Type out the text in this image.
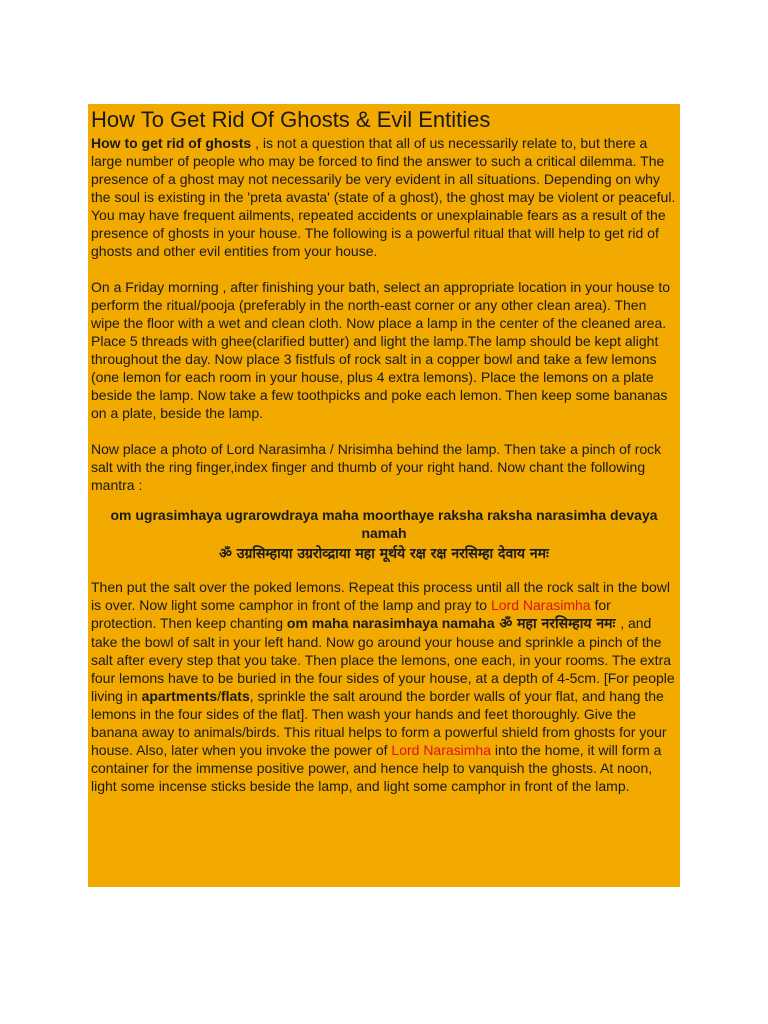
How To Get Rid Of Ghosts & Evil Entities

How to get rid of ghosts , is not a question that all of us necessarily relate to, but there a large number of people who may be forced to find the answer to such a critical dilemma. The presence of a ghost may not necessarily be very evident in all situations. Depending on why the soul is existing in the 'preta avasta' (state of a ghost), the ghost may be violent or peaceful. You may have frequent ailments, repeated accidents or unexplainable fears as a result of the presence of ghosts in your house. The following is a powerful ritual that will help to get rid of ghosts and other evil entities from your house.

On a Friday morning , after finishing your bath, select an appropriate location in your house to perform the ritual/pooja (preferably in the north-east corner or any other clean area). Then wipe the floor with a wet and clean cloth. Now place a lamp in the center of the cleaned area. Place 5 threads with ghee(clarified butter) and light the lamp.The lamp should be kept alight throughout the day. Now place 3 fistfuls of rock salt in a copper bowl and take a few lemons (one lemon for each room in your house, plus 4 extra lemons). Place the lemons on a plate beside the lamp. Now take a few toothpicks and poke each lemon. Then keep some bananas on a plate, beside the lamp.

Now place a photo of Lord Narasimha / Nrisimha behind the lamp. Then take a pinch of rock salt with the ring finger,index finger and thumb of your right hand. Now chant the following mantra :

om ugrasimhaya ugrarowdraya maha moorthaye raksha raksha narasimha devaya namah

ॐ उग्रसिम्हाया उग्ररोव्द्राया महा मूर्थये रक्ष रक्ष नरसिम्हा देवाय नमः

Then put the salt over the poked lemons. Repeat this process until all the rock salt in the bowl is over. Now light some camphor in front of the lamp and pray to Lord Narasimha for protection. Then keep chanting om maha narasimhaya namaha ॐ महा नरसिम्हाय नमः , and take the bowl of salt in your left hand. Now go around your house and sprinkle a pinch of the salt after every step that you take. Then place the lemons, one each, in your rooms. The extra four lemons have to be buried in the four sides of your house, at a depth of 4-5cm. [For people living in apartments/flats, sprinkle the salt around the border walls of your flat, and hang the lemons in the four sides of the flat]. Then wash your hands and feet thoroughly. Give the banana away to animals/birds. This ritual helps to form a powerful shield from ghosts for your house. Also, later when you invoke the power of Lord Narasimha into the home, it will form a container for the immense positive power, and hence help to vanquish the ghosts. At noon, light some incense sticks beside the lamp, and light some camphor in front of the lamp.
